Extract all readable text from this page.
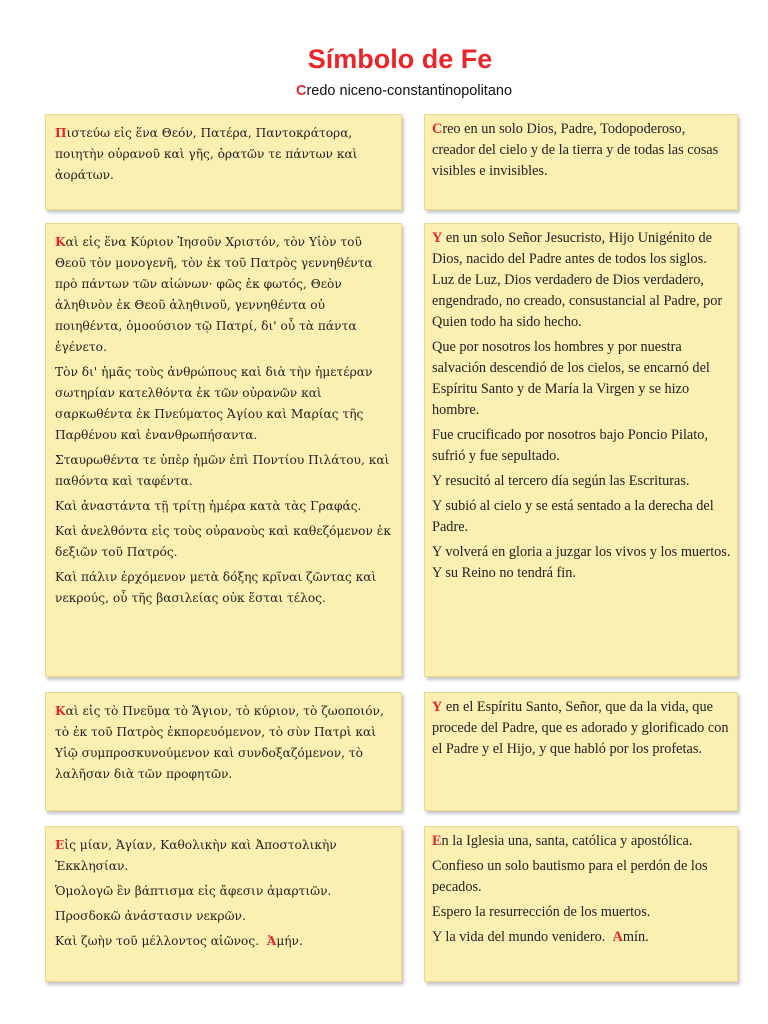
Símbolo de Fe
Credo niceno-constantinopolitano

Πιστεύω εἰς ἕνα Θεόν, Πατέρα, Παντοκράτορα, ποιητὴν οὐρανοῦ καὶ γῆς, ὁρατῶν τε πάντων καὶ ἀοράτων.

Creo en un solo Dios, Padre, Todopoderoso, creador del cielo y de la tierra y de todas las cosas visibles e invisibles.

Kαὶ εἰς ἕνα Κύριον Ἰησοῦν Χριστόν, τὸν Υἱὸν τοῦ Θεοῦ τὸν μονογενῆ, τὸν ἐκ τοῦ Πατρὸς γεννηθέντα πρὸ πάντων τῶν αἰώνων· φῶς ἐκ φωτός, Θεὸν ἀληθινὸν ἐκ Θεοῦ ἀληθινοῦ, γεννηθέντα οὐ ποιηθέντα, ὁμοούσιον τῷ Πατρί, δι' οὗ τὰ πάντα ἐγένετο.

Τὸν δι' ἡμᾶς τοὺς ἀνθρώπους καὶ διὰ τὴν ἡμετέραν σωτηρίαν κατελθόντα ἐκ τῶν οὐρανῶν καὶ σαρκωθέντα ἐκ Πνεύματος Ἁγίου καὶ Μαρίας τῆς Παρθένου καὶ ἐνανθρωπήσαντα.

Σταυρωθέντα τε ὑπὲρ ἡμῶν ἐπὶ Ποντίου Πιλάτου, καὶ παθόντα καὶ ταφέντα.

Καὶ ἀναστάντα τῇ τρίτῃ ἡμέρα κατὰ τὰς Γραφάς.

Καὶ ἀνελθόντα εἰς τοὺς οὐρανοὺς καὶ καθεζόμενον ἐκ δεξιῶν τοῦ Πατρός.

Καὶ πάλιν ἐρχόμενον μετὰ δόξης κρῖναι ζῶντας καὶ νεκρούς, οὗ τῆς βασιλείας οὐκ ἔσται τέλος.

Y en un solo Señor Jesucristo, Hijo Unigénito de Dios, nacido del Padre antes de todos los siglos. Luz de Luz, Dios verdadero de Dios verdadero, engendrado, no creado, consustancial al Padre, por Quien todo ha sido hecho.

Que por nosotros los hombres y por nuestra salvación descendió de los cielos, se encarnó del Espíritu Santo y de María la Virgen y se hizo hombre.

Fue crucificado por nosotros bajo Poncio Pilato, sufrió y fue sepultado.

Y resucitó al tercero día según las Escrituras.

Y subió al cielo y se está sentado a la derecha del Padre.

Y volverá en gloria a juzgar los vivos y los muertos. Y su Reino no tendrá fin.

Kαὶ εἰς τὸ Πνεῦμα τὸ Ἅγιον, τὸ κύριον, τὸ ζωοποιόν, τὸ ἐκ τοῦ Πατρὸς ἐκπορευόμενον, τὸ σὺν Πατρὶ καὶ Υἱῷ συμπροσκυνούμενον καὶ συνδοξαζόμενον, τὸ λαλῆσαν διὰ τῶν προφητῶν.

Y en el Espíritu Santo, Señor, que da la vida, que procede del Padre, que es adorado y glorificado con el Padre y el Hijo, y que habló por los profetas.

Eἰς μίαν, Ἁγίαν, Καθολικὴν καὶ Ἀποστολικὴν Ἐκκλησίαν.

Ὁμολογῶ ἓν βάπτισμα εἰς ἄφεσιν ἁμαρτιῶν.

Προσδοκῶ ἀνάστασιν νεκρῶν.

Καὶ ζωὴν τοῦ μέλλοντος αἰῶνος. Ἀμήν.

En la Iglesia una, santa, católica y apostólica.

Confieso un solo bautismo para el perdón de los pecados.

Espero la resurrección de los muertos.

Y la vida del mundo venidero. Amín.
